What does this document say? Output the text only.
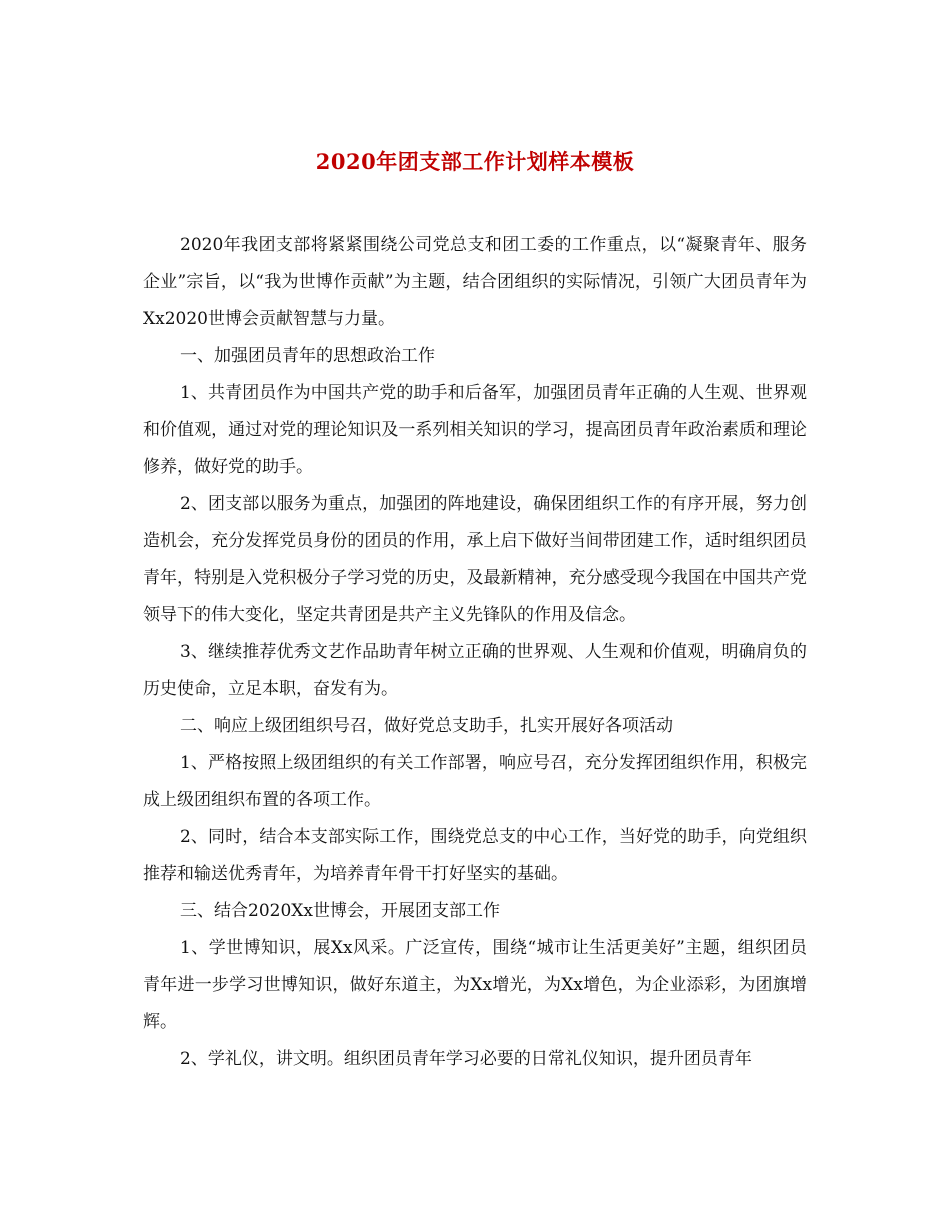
2020年团支部工作计划样本模板

2020年我团支部将紧紧围绕公司党总支和团工委的工作重点，以“凝聚青年、服务企业”宗旨，以“我为世博作贡献”为主题，结合团组织的实际情况，引领广大团员青年为Xx2020世博会贡献智慧与力量。

一、加强团员青年的思想政治工作

1、共青团员作为中国共产党的助手和后备军，加强团员青年正确的人生观、世界观和价值观，通过对党的理论知识及一系列相关知识的学习，提高团员青年政治素质和理论修养，做好党的助手。

2、团支部以服务为重点，加强团的阵地建设，确保团组织工作的有序开展，努力创造机会，充分发挥党员身份的团员的作用，承上启下做好当间带团建工作，适时组织团员青年，特别是入党积极分子学习党的历史，及最新精神，充分感受现今我国在中国共产党领导下的伟大变化，坚定共青团是共产主义先锋队的作用及信念。

3、继续推荐优秀文艺作品助青年树立正确的世界观、人生观和价值观，明确肩负的历史使命，立足本职，奋发有为。

二、响应上级团组织号召，做好党总支助手，扎实开展好各项活动

1、严格按照上级团组织的有关工作部署，响应号召，充分发挥团组织作用，积极完成上级团组织布置的各项工作。

2、同时，结合本支部实际工作，围绕党总支的中心工作，当好党的助手，向党组织推荐和输送优秀青年，为培养青年骨干打好坚实的基础。

三、结合2020Xx世博会，开展团支部工作

1、学世博知识，展Xx风采。广泛宣传，围绕“城市让生活更美好”主题，组织团员青年进一步学习世博知识，做好东道主，为Xx增光，为Xx增色，为企业添彩，为团旗增辉。

2、学礼仪，讲文明。组织团员青年学习必要的日常礼仪知识，提升团员青年
